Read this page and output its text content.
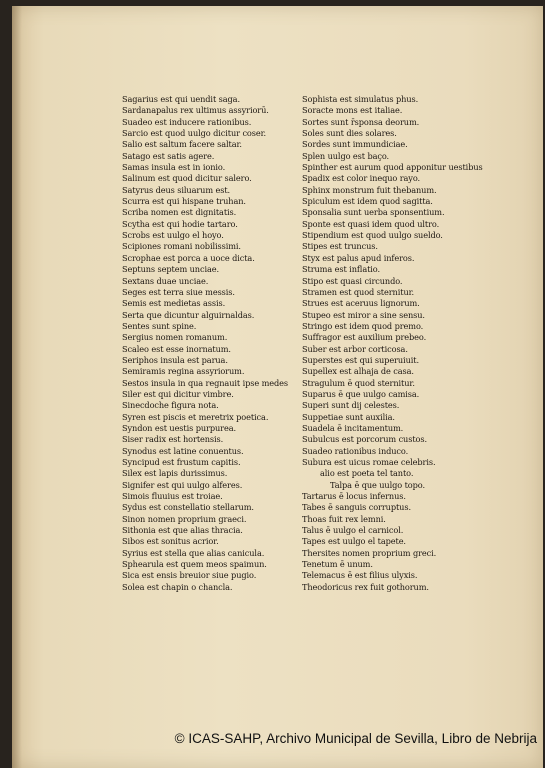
Sagarius est qui uendit saga.
Sardanapalus rex ultimus assyriorū.
Suadeo est inducere rationibus.
Sarcio est quod uulgo dicitur coser.
Salio est saltum facere saltar.
Satago est satis agere.
Samas insula est in ionio.
Salinum est quod dicitur salero.
Satyrus deus siluarum est.
Scurra est qui hispane truhan.
Scriba nomen est dignitatis.
Scytha est qui hodie tartaro.
Scrobs est uulgo el hoyo.
Scipiones romani nobilissimi.
Scrophae est porca a uoce dicta.
Septuns septem unciae.
Sextans duae unciae.
Seges est terra siue messis.
Semis est medietas assis.
Serta que dicuntur alguirnaldas.
Sentes sunt spine.
Sergius nomen romanum.
Scaleo est esse inornatum.
Seriphos insula est parua.
Semiramis regina assyriorum.
Sestos insula in qua regnauit ipse medes
Siler est qui dicitur vimbre.
Sinecdoche figura nota.
Syren est piscis et meretrix poetica.
Syndon est uestis purpurea.
Siser radix est hortensis.
Synodus est latine conuentus.
Syncipud est frustum capitis.
Silex est lapis durissimus.
Signifer est qui uulgo alferes.
Simois fluuius est troiae.
Sydus est constellatio stellarum.
Sinon nomen proprium graeci.
Sithonia est que alias thracia.
Sibos est sonitus acrior.
Syrius est stella que alias canicula.
Sphearula est quem meos spaimun.
Sica est ensis breuior siue pugio.
Solea est chapin o chancla.
Sophista est simulatus phus.
Soracte mons est italiae.
Sortes sunt r̄sponsa deorum.
Soles sunt dies solares.
Sordes sunt immundiciae.
Splen uulgo est baço.
Spinther est aurum quod apponitur uestibus
Spadix est color inequo rayo.
Sphinx monstrum fuit thebanum.
Spiculum est idem quod sagitta.
Sponsalia sunt uerba sponsentium.
Sponte est quasi idem quod ultro.
Stipendium est quod uulgo sueldo.
Stipes est truncus.
Styx est palus apud inferos.
Struma est inflatio.
Stipo est quasi circundo.
Stramen est quod sternitur.
Strues est aceruus lignorum.
Stupeo est miror a sine sensu.
Stringo est idem quod premo.
Suffragor est auxilium prebeo.
Suber est arbor corticosa.
Superstes est qui superuiuit.
Supellex est alhaja de casa.
Stragulum ē quod sternitur.
Suparus ē que uulgo camisa.
Superi sunt dij celestes.
Suppetiae sunt auxilia.
Suadela ē incitamentum.
Subulcus est porcorum custos.
Suadeo rationibus induco.
Subura est uicus romae celebris.
alio est poeta tel tanto.
Talpa ē que uulgo topo.
Tartarus ē locus infernus.
Tabes ē sanguis corruptus.
Thoas fuit rex lemni.
Talus ē uulgo el carnicol.
Tapes est uulgo el tapete.
Thersites nomen proprium greci.
Tenetum ē unum.
Telemacus ē est filius ulyxis.
Theodoricus rex fuit gothorum.
© ICAS-SAHP, Archivo Municipal de Sevilla, Libro de Nebrija
